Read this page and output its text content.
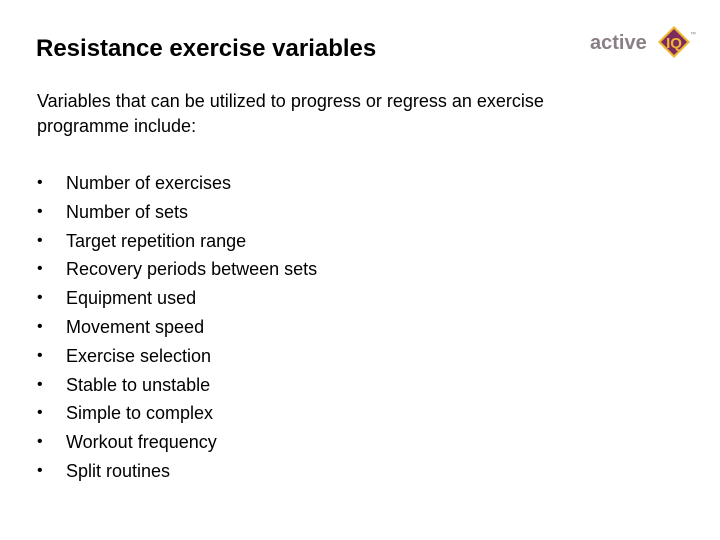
Resistance exercise variables	active IQ ™
Variables that can be utilized to progress or regress an exercise
programme include:
•	Number of exercises
•	Number of sets
•	Target repetition range
•	Recovery periods between sets
•	Equipment used
•	Movement speed
•	Exercise selection
•	Stable to unstable
•	Simple to complex
•	Workout frequency
•	Split routines
